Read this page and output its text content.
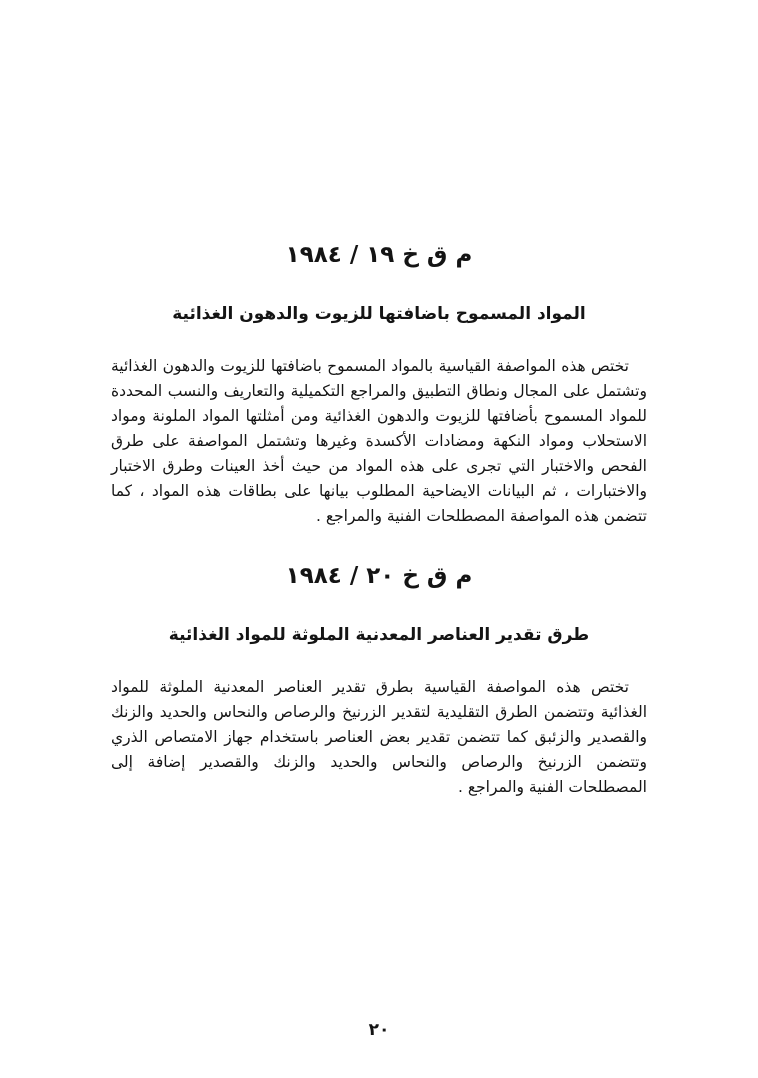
م ق خ ١٩ / ١٩٨٤
المواد المسموح باضافتها للزيوت والدهون الغذائية

تختص هذه المواصفة القياسية بالمواد المسموح باضافتها للزيوت والدهون الغذائية وتشتمل على المجال ونطاق التطبيق والمراجع التكميلية والتعاريف والنسب المحددة للمواد المسموح بأضافتها للزيوت والدهون الغذائية ومن أمثلتها المواد الملونة ومواد الاستحلاب ومواد النكهة ومضادات الأكسدة وغيرها وتشتمل المواصفة على طرق الفحص والاختبار التي تجرى على هذه المواد من حيث أخذ العينات وطرق الاختبار والاختبارات ، ثم البيانات الايضاحية المطلوب بيانها على بطاقات هذه المواد ، كما تتضمن هذه المواصفة المصطلحات الفنية والمراجع .

م ق خ ٢٠ / ١٩٨٤
طرق تقدير العناصر المعدنية الملوثة للمواد الغذائية

تختص هذه المواصفة القياسية بطرق تقدير العناصر المعدنية الملوثة للمواد الغذائية وتتضمن الطرق التقليدية لتقدير الزرنيخ والرصاص والنحاس والحديد والزنك والقصدير والزئبق كما تتضمن تقدير بعض العناصر باستخدام جهاز الامتصاص الذري وتتضمن الزرنيخ والرصاص والنحاس والحديد والزنك والقصدير إضافة إلى المصطلحات الفنية والمراجع .

٢٠
